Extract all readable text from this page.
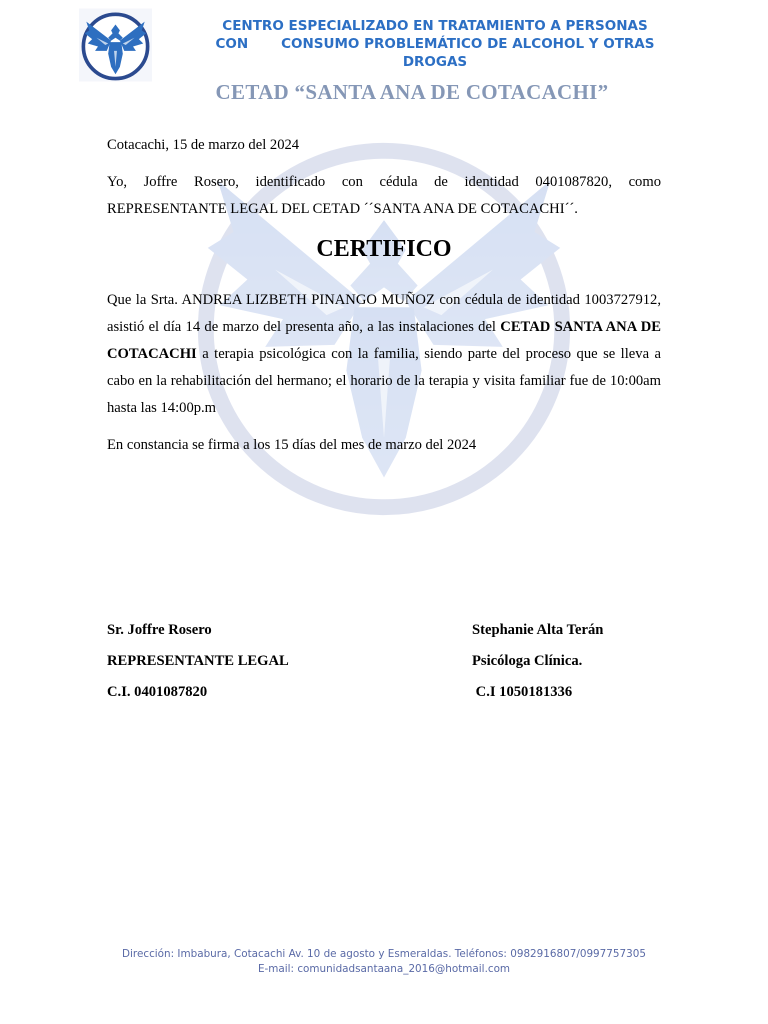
CENTRO ESPECIALIZADO EN TRATAMIENTO A PERSONAS
CON       CONSUMO PROBLEMÁTICO DE ALCOHOL Y OTRAS
DROGAS
CETAD “SANTA ANA DE COTACACHI”

Cotacachi, 15 de marzo del 2024

Yo, Joffre Rosero, identificado con cédula de identidad 0401087820, como REPRESENTANTE LEGAL DEL CETAD ´´SANTA ANA DE COTACACHI´´.

CERTIFICO

Que la Srta. ANDREA LIZBETH PINANGO MUÑOZ con cédula de identidad 1003727912, asistió el día 14 de marzo del presenta año, a las instalaciones del CETAD SANTA ANA DE COTACACHI a terapia psicológica con la familia, siendo parte del proceso que se lleva a cabo en la rehabilitación del hermano; el horario de la terapia y visita familiar fue de 10:00am hasta las 14:00p.m

En constancia se firma a los 15 días del mes de marzo del 2024

Sr. Joffre Rosero
REPRESENTANTE LEGAL
C.I. 0401087820
Stephanie Alta Terán
Psicóloga Clínica.
C.I 1050181336
Dirección: Imbabura, Cotacachi Av. 10 de agosto y Esmeraldas. Teléfonos: 0982916807/0997757305
E-mail: comunidadsantaana_2016@hotmail.com
